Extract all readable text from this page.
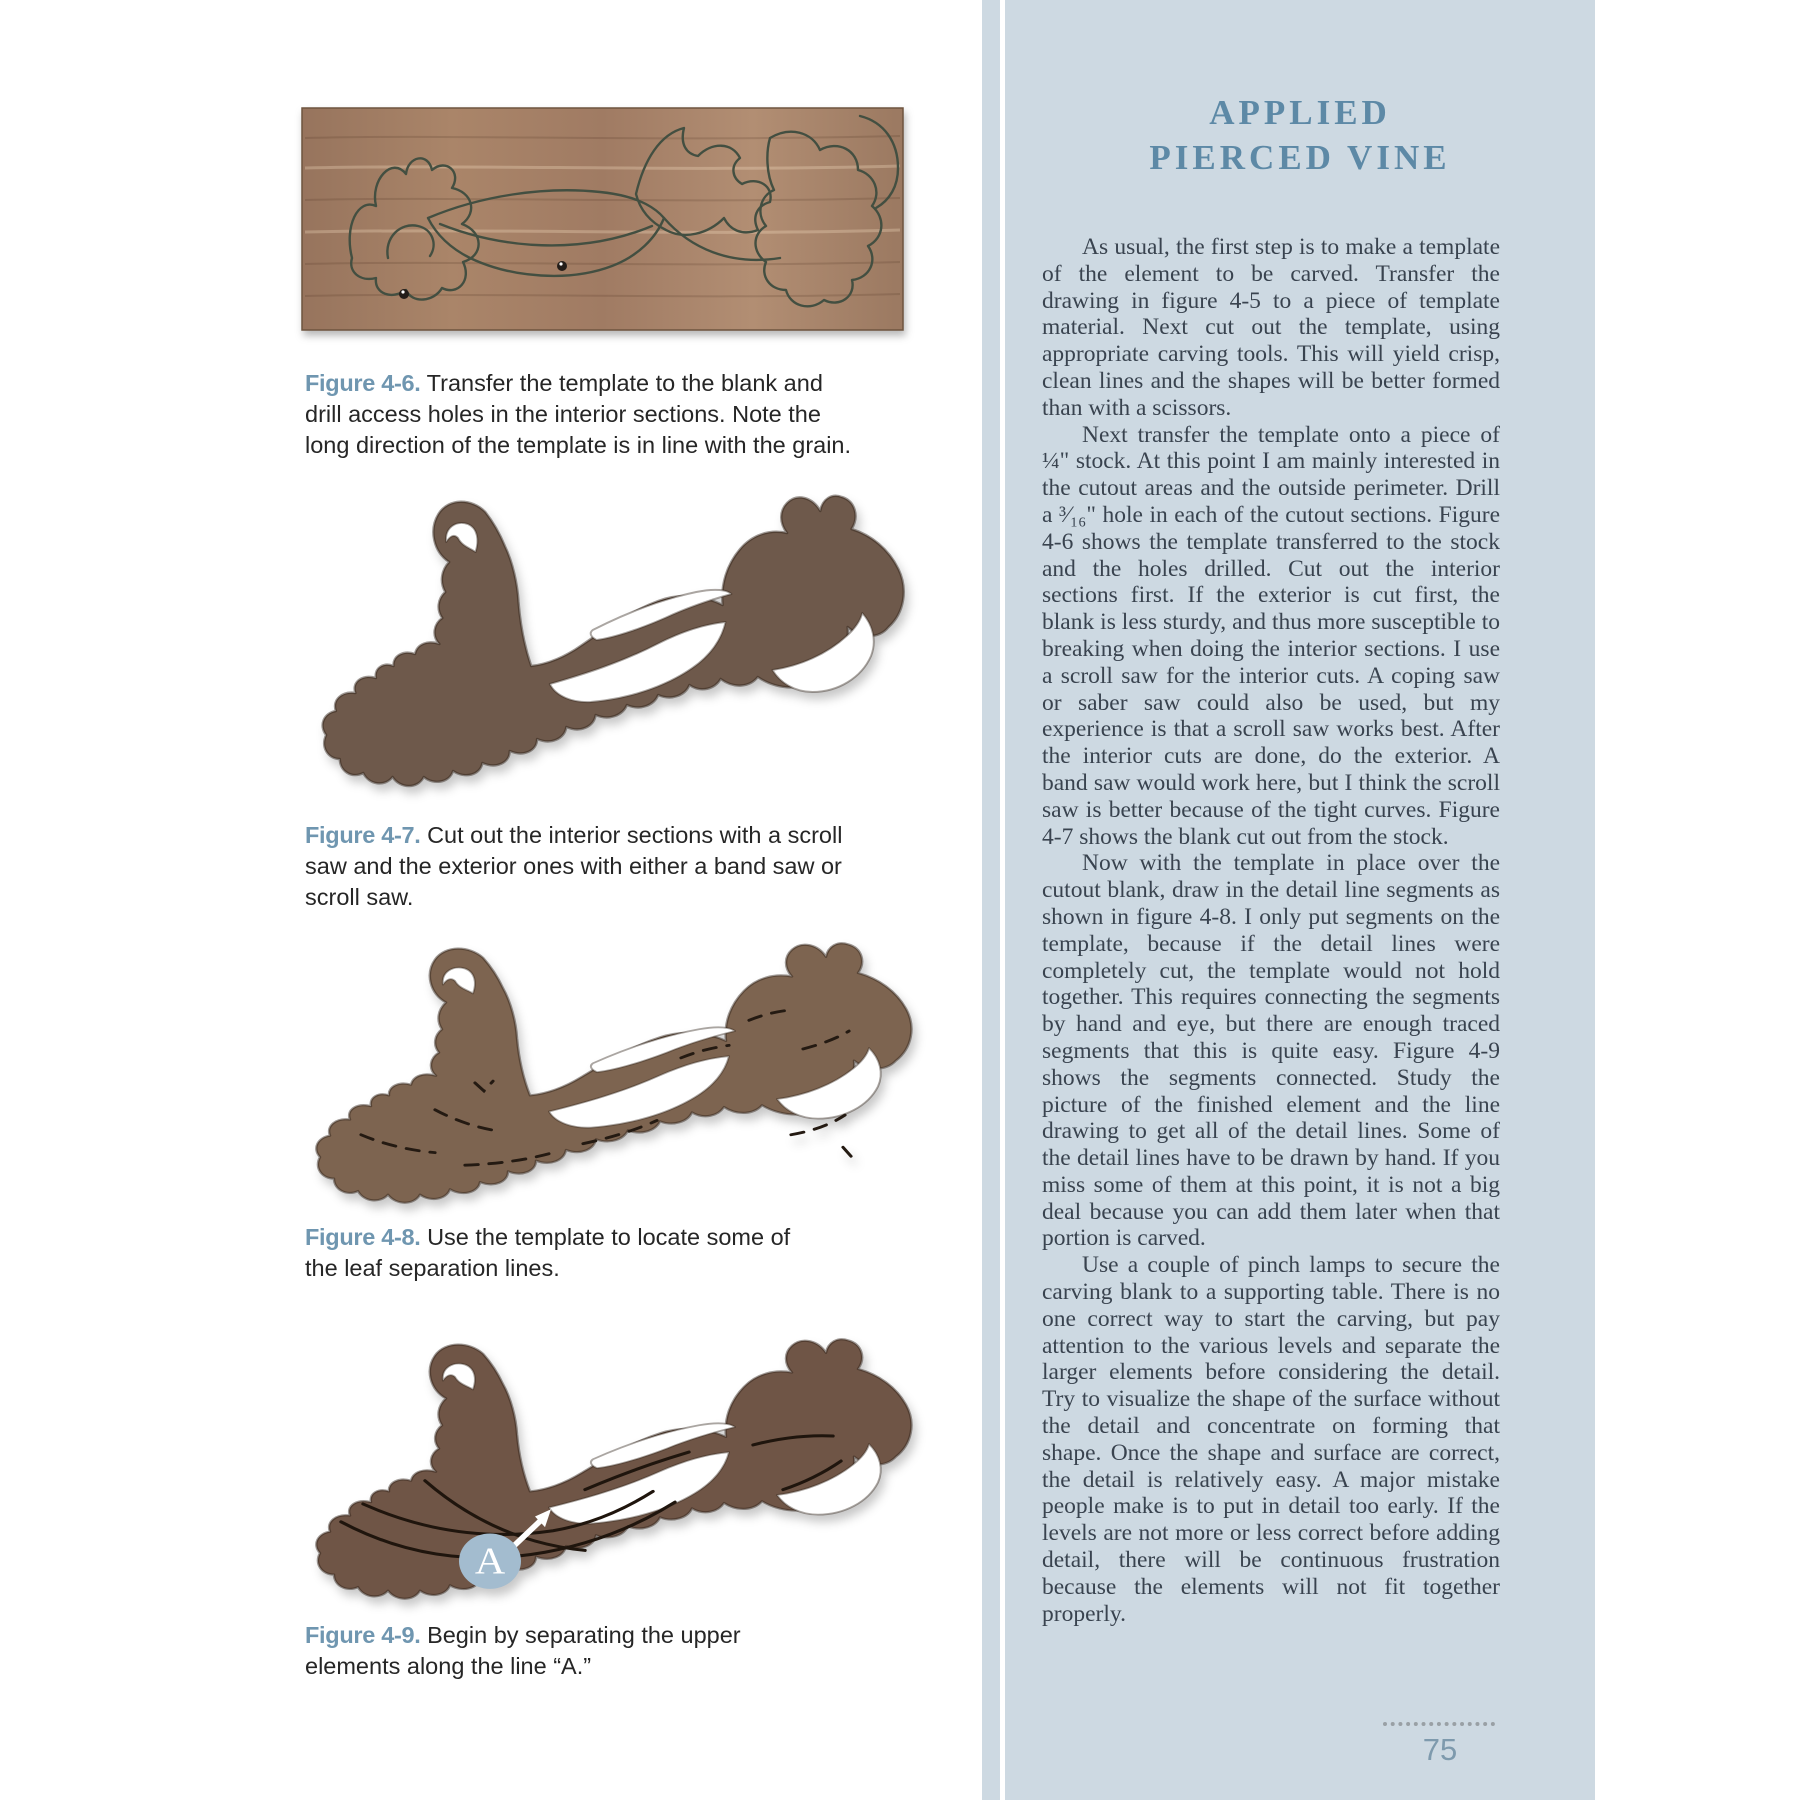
Figure 4-6. Transfer the template to the blank and drill access holes in the interior sections. Note the long direction of the template is in line with the grain.
Figure 4-7. Cut out the interior sections with a scroll saw and the exterior ones with either a band saw or scroll saw.
Figure 4-8. Use the template to locate some of the leaf separation lines.
A
Figure 4-9. Begin by separating the upper elements along the line “A.”
APPLIED
PIERCED VINE

As usual, the first step is to make a template of the element to be carved. Transfer the drawing in figure 4-5 to a piece of template material. Next cut out the template, using appropriate carving tools. This will yield crisp, clean lines and the shapes will be better formed than with a scissors.

Next transfer the template onto a piece of ¼" stock. At this point I am mainly interested in the cutout areas and the outside perimeter. Drill a ³⁄₁₆" hole in each of the cutout sections. Figure 4-6 shows the template transferred to the stock and the holes drilled. Cut out the interior sections first. If the exterior is cut first, the blank is less sturdy, and thus more susceptible to breaking when doing the interior sections. I use a scroll saw for the interior cuts. A coping saw or saber saw could also be used, but my experience is that a scroll saw works best. After the interior cuts are done, do the exterior. A band saw would work here, but I think the scroll saw is better because of the tight curves. Figure 4-7 shows the blank cut out from the stock.

Now with the template in place over the cutout blank, draw in the detail line segments as shown in figure 4-8. I only put segments on the template, because if the detail lines were completely cut, the template would not hold together. This requires connecting the segments by hand and eye, but there are enough traced segments that this is quite easy. Figure 4-9 shows the segments connected. Study the picture of the finished element and the line drawing to get all of the detail lines. Some of the detail lines have to be drawn by hand. If you miss some of them at this point, it is not a big deal because you can add them later when that portion is carved.

Use a couple of pinch lamps to secure the carving blank to a supporting table. There is no one correct way to start the carving, but pay attention to the various levels and separate the larger elements before considering the detail. Try to visualize the shape of the surface without the detail and concentrate on forming that shape. Once the shape and surface are correct, the detail is relatively easy. A major mistake people make is to put in detail too early. If the levels are not more or less correct before adding detail, there will be continuous frustration because the elements will not fit together properly.

75
